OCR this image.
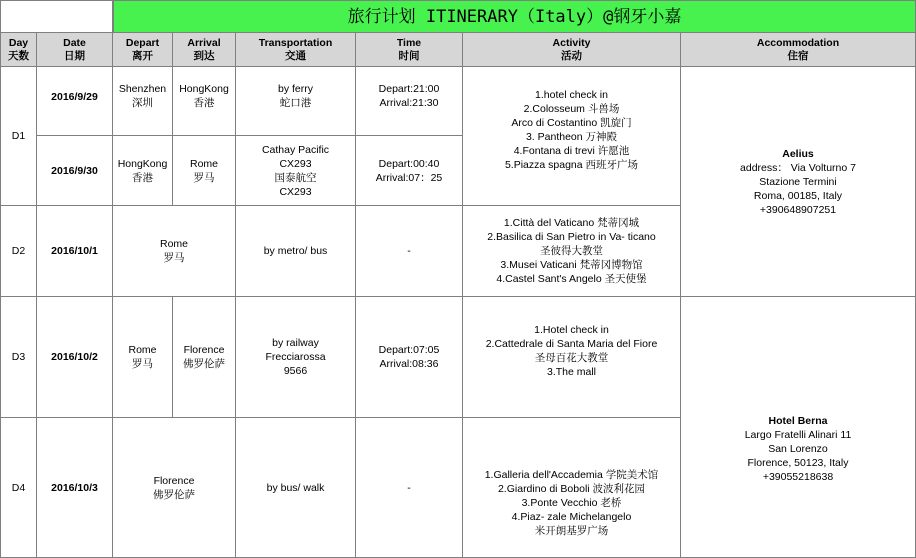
旅行计划 ITINERARY（Italy）@钢牙小嘉
Day
天数
Date
日期
Depart
离开
Arrival
到达
Transportation
交通
Time
时间
Activity
活动
Accommodation
住宿
D1
D2
D3
D4
2016/9/29
Shenzhen
深圳
HongKong
香港
by ferry
蛇口港
Depart:21:00
Arrival:21:30
2016/9/30
HongKong
香港
Rome
罗马
Cathay Pacific
CX293
国泰航空
CX293
Depart:00:40
Arrival:07：25
1.hotel check in
2.Colosseum 斗兽场
Arco di Costantino 凯旋门
3. Pantheon 万神殿
4.Fontana di trevi 许愿池
5.Piazza spagna 西班牙广场
2016/10/1
Rome
罗马
by metro/ bus	-
1.Città del Vaticano 梵蒂冈城
2.Basilica di San Pietro in Va- ticano
圣彼得大教堂
3.Musei Vaticani 梵蒂冈博物馆
4.Castel Sant's Angelo 圣天使堡
Aelius
address： Via Volturno 7
Stazione Termini
Roma, 00185, Italy
+390648907251
2016/10/2
Rome
罗马
Florence
佛罗伦萨
by railway
Frecciarossa
9566
Depart:07:05
Arrival:08:36
1.Hotel check in
2.Cattedrale di Santa Maria del Fiore
圣母百花大教堂
3.The mall
2016/10/3
Florence
佛罗伦萨
by bus/ walk	-
1.Galleria dell'Accademia 学院美术馆
2.Giardino di Boboli 波波利花园
3.Ponte Vecchio 老桥
4.Piaz- zale Michelangelo
米开朗基罗广场
Hotel Berna
Largo Fratelli Alinari 11
San Lorenzo
Florence, 50123, Italy
+39055218638
